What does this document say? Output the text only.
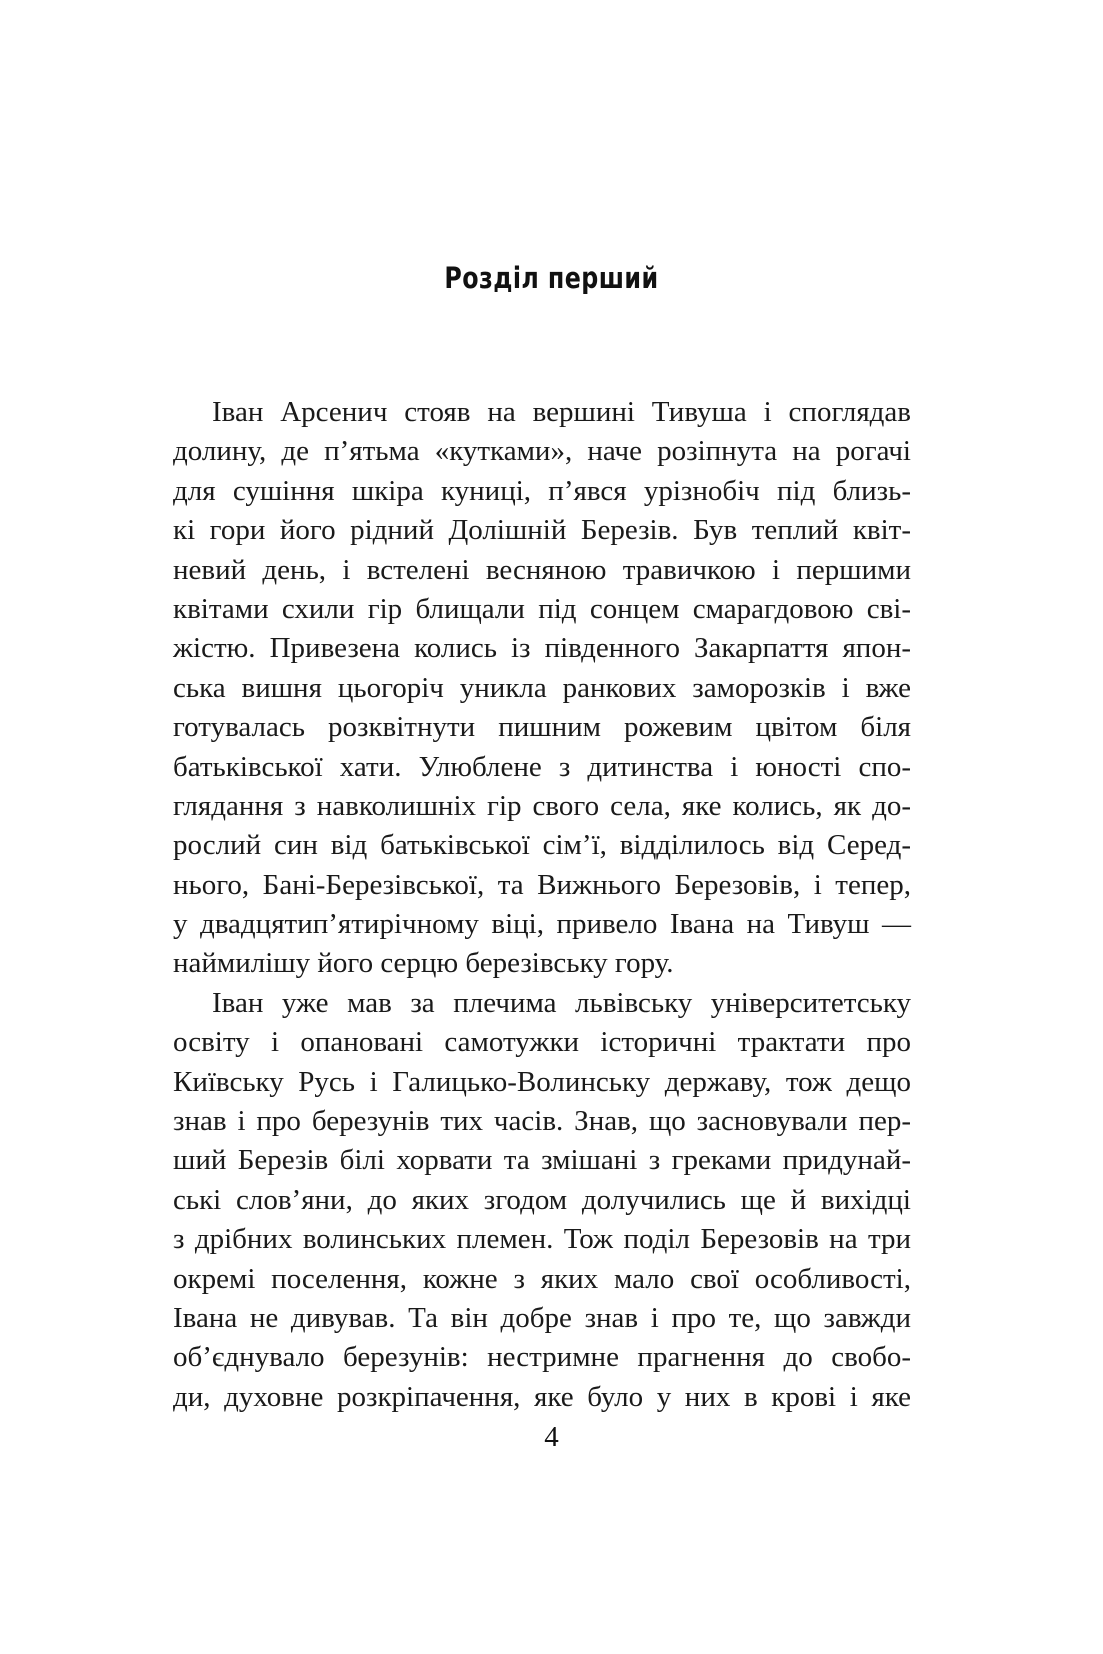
Розділ перший
Іван Арсенич стояв на вершині Тивуша і споглядав
долину, де п’ятьма «кутками», наче розіпнута на рогачі
для сушіння шкіра куниці, п’явся урізнобіч під близь-
кі гори його рідний Долішній Березів. Був теплий квіт-
невий день, і встелені весняною травичкою і першими
квітами схили гір блищали під сонцем смарагдовою сві-
жістю. Привезена колись із південного Закарпаття япон-
ська вишня цьогоріч уникла ранкових заморозків і вже
готувалась розквітнути пишним рожевим цвітом біля
батьківської хати. Улюблене з дитинства і юності спо-
глядання з навколишніх гір свого села, яке колись, як до-
рослий син від батьківської сім’ї, відділилось від Серед-
нього, Бані-Березівської, та Вижнього Березовів, і тепер,
у двадцятип’ятирічному віці, привело Івана на Тивуш —
наймилішу його серцю березівську гору.
Іван уже мав за плечима львівську університетську
освіту і опановані самотужки історичні трактати про
Київську Русь і Галицько-Волинську державу, тож дещо
знав і про березунів тих часів. Знав, що засновували пер-
ший Березів білі хорвати та змішані з греками придунай-
ські слов’яни, до яких згодом долучились ще й вихідці
з дрібних волинських племен. Тож поділ Березовів на три
окремі поселення, кожне з яких мало свої особливості,
Івана не дивував. Та він добре знав і про те, що завжди
об’єднувало березунів: нестримне прагнення до свобо-
ди, духовне розкріпачення, яке було у них в крові і яке
4
